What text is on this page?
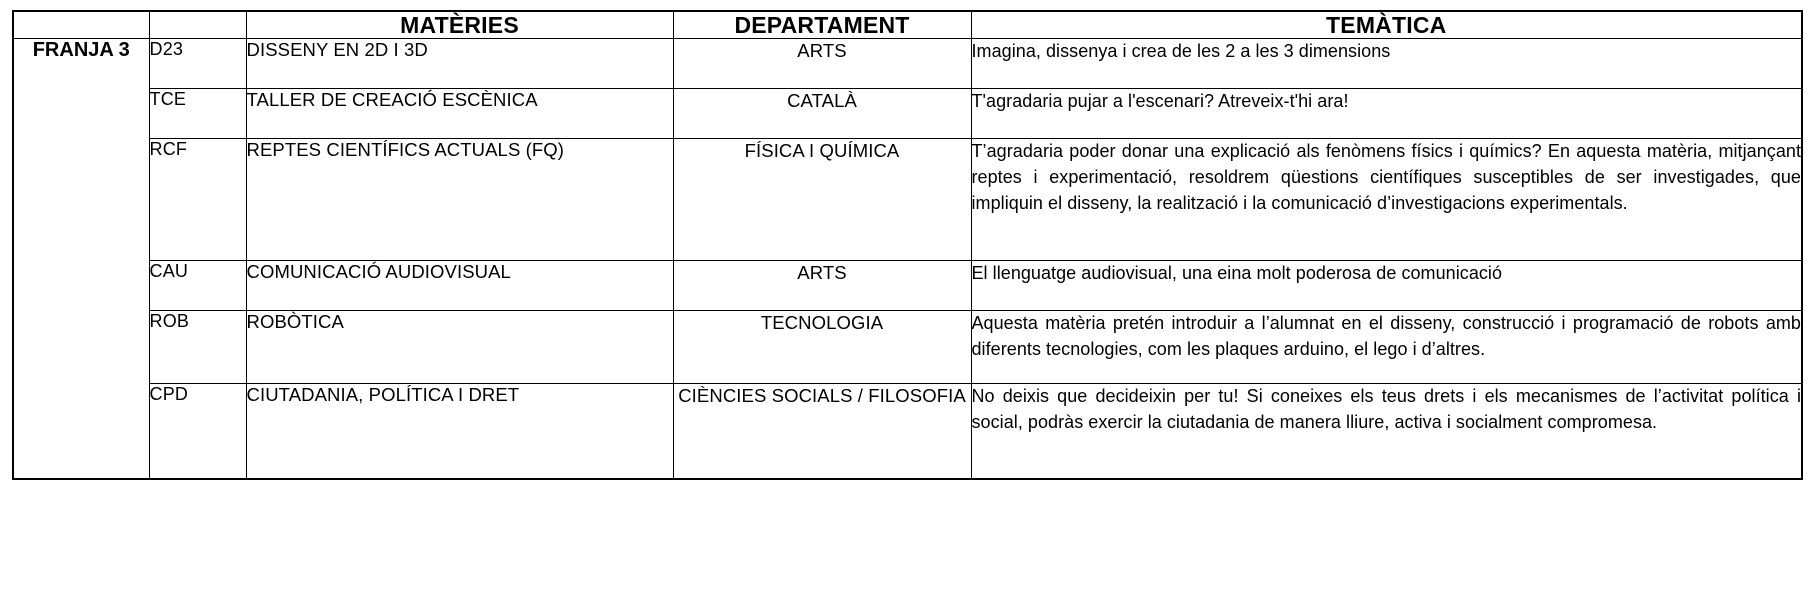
		MATÈRIES	DEPARTAMENT	TEMÀTICA
FRANJA 3	D23	DISSENY EN 2D I 3D	ARTS	Imagina, dissenya i crea de les 2 a les 3 dimensions
	TCE	TALLER DE CREACIÓ ESCÈNICA	CATALÀ	T'agradaria pujar a l'escenari? Atreveix-t'hi ara!
	RCF	REPTES CIENTÍFICS ACTUALS (FQ)	FÍSICA I QUÍMICA	T’agradaria poder donar una explicació als fenòmens físics i químics? En aquesta matèria, mitjançant reptes i experimentació, resoldrem qüestions científiques susceptibles de ser investigades, que impliquin el disseny, la realització i la comunicació d’investigacions experimentals.
	CAU	COMUNICACIÓ AUDIOVISUAL	ARTS	El llenguatge audiovisual, una eina molt poderosa de comunicació
	ROB	ROBÒTICA	TECNOLOGIA	Aquesta matèria pretén introduir a l’alumnat en el disseny, construcció i programació de robots amb diferents tecnologies, com les plaques arduino, el lego i d’altres.
	CPD	CIUTADANIA, POLÍTICA I DRET	CIÈNCIES SOCIALS / FILOSOFIA	No deixis que decideixin per tu! Si coneixes els teus drets i els mecanismes de l’activitat política i social, podràs exercir la ciutadania de manera lliure, activa i socialment compromesa.
